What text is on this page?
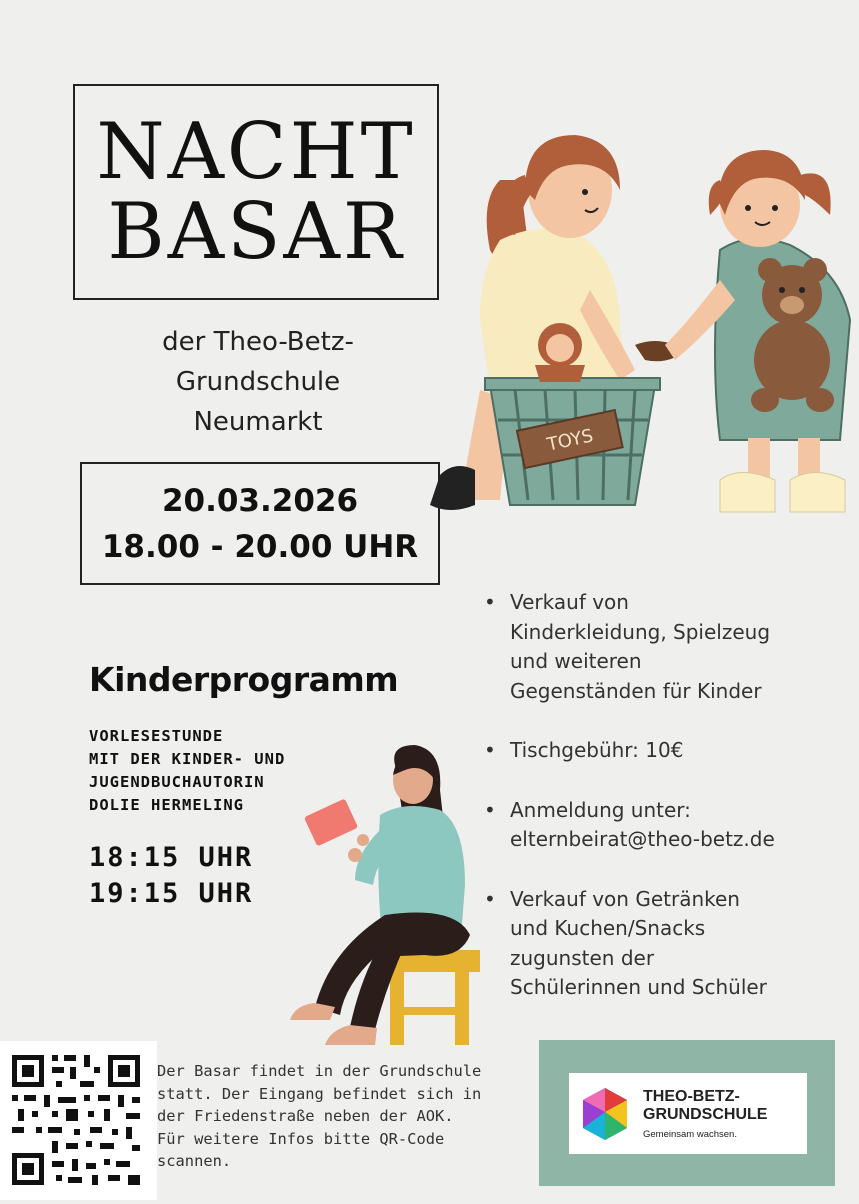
NACHT
BASAR
der Theo-Betz-
Grundschule
Neumarkt
20.03.2026
18.00 - 20.00 UHR
TOYS
• Verkauf von
Kinderkleidung, Spielzeug
und weiteren
Gegenständen für Kinder
• Tischgebühr: 10€
• Anmeldung unter:
elternbeirat@theo-betz.de
• Verkauf von Getränken
und Kuchen/Snacks
zugunsten der
Schülerinnen und Schüler
Kinderprogramm
VORLESESTUNDE
MIT DER KINDER- UND
JUGENDBUCHAUTORIN
DOLIE HERMELING
18:15 UHR
19:15 UHR
Der Basar findet in der Grundschule
statt. Der Eingang befindet sich in
der Friedenstraße neben der AOK.
Für weitere Infos bitte QR-Code
scannen.
THEO-BETZ-
GRUNDSCHULE
Gemeinsam wachsen.
